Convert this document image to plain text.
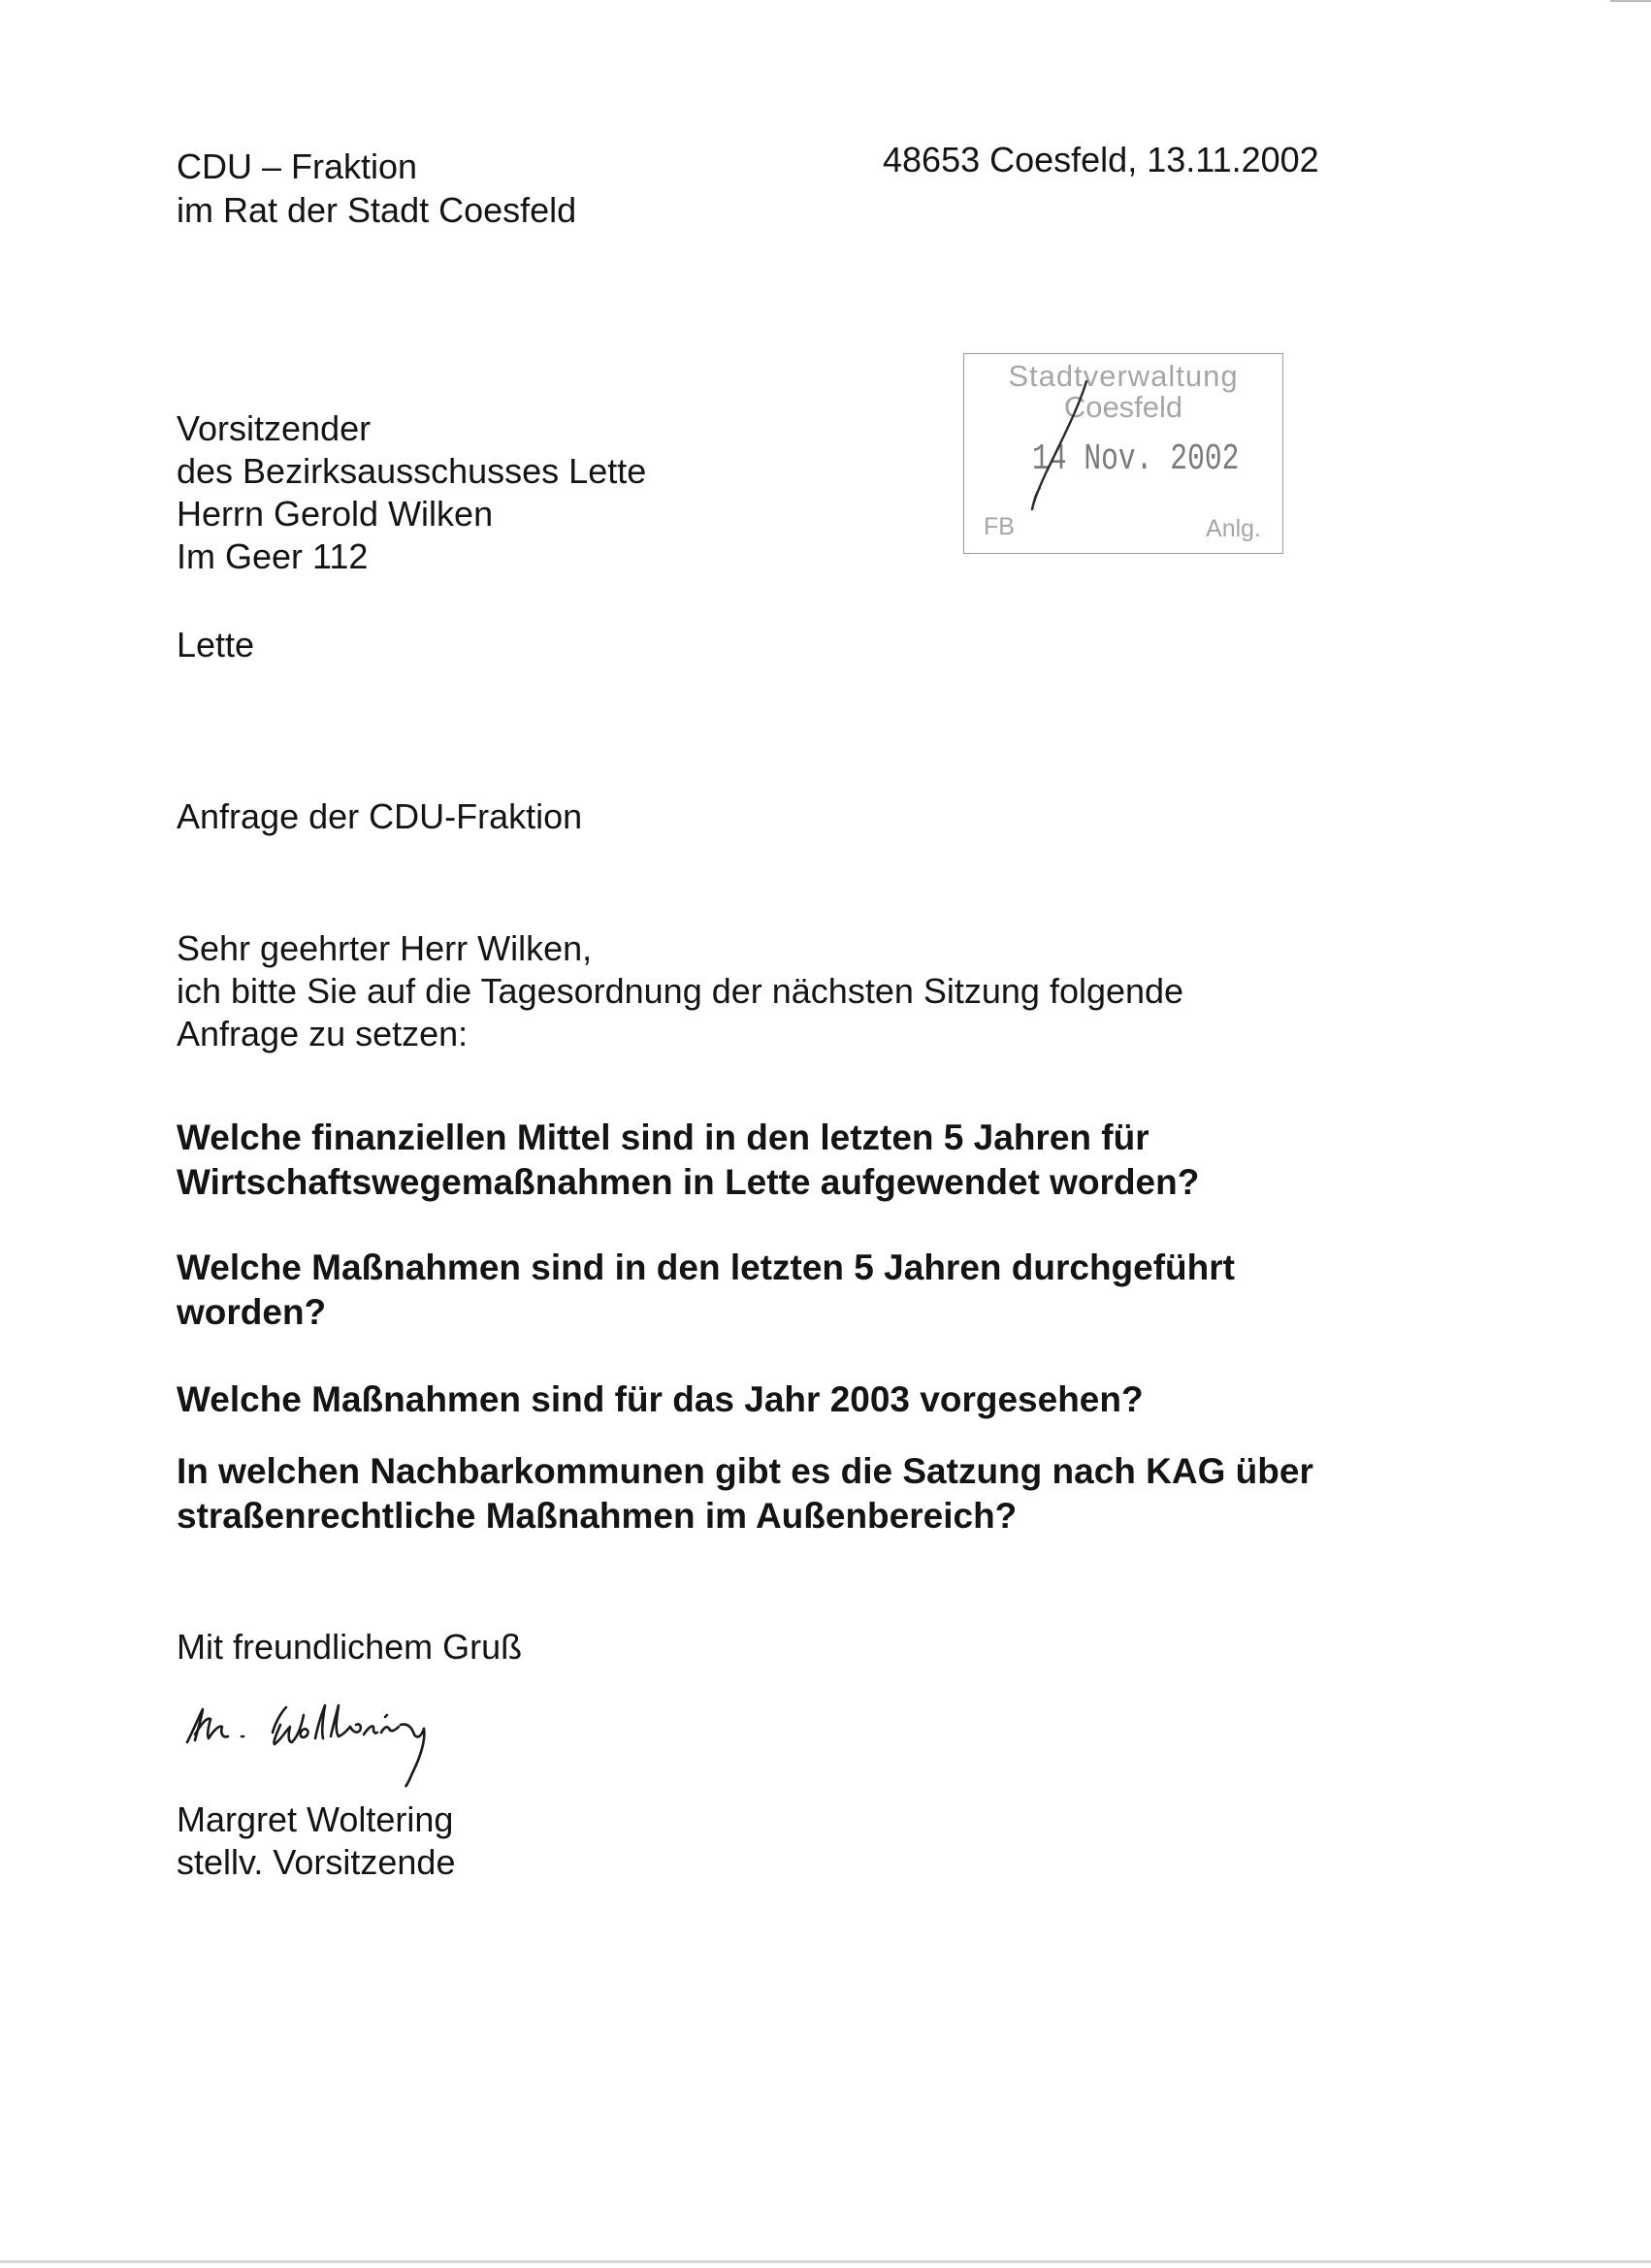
CDU – Fraktion
im Rat der Stadt Coesfeld
48653 Coesfeld, 13.11.2002
Vorsitzender
des Bezirksausschusses Lette
Herrn Gerold Wilken
Im Geer 112
Lette
Stadtverwaltung
Coesfeld
14 Nov. 2002
FB	Anlg.
Anfrage der CDU-Fraktion
Sehr geehrter Herr Wilken,
ich bitte Sie auf die Tagesordnung der nächsten Sitzung folgende
Anfrage zu setzen:
Welche finanziellen Mittel sind in den letzten 5 Jahren für
Wirtschaftswegemaßnahmen in Lette aufgewendet worden?
Welche Maßnahmen sind in den letzten 5 Jahren durchgeführt
worden?
Welche Maßnahmen sind für das Jahr 2003 vorgesehen?
In welchen Nachbarkommunen gibt es die Satzung nach KAG über
straßenrechtliche Maßnahmen im Außenbereich?
Mit freundlichem Gruß
Margret Woltering
stellv. Vorsitzende
